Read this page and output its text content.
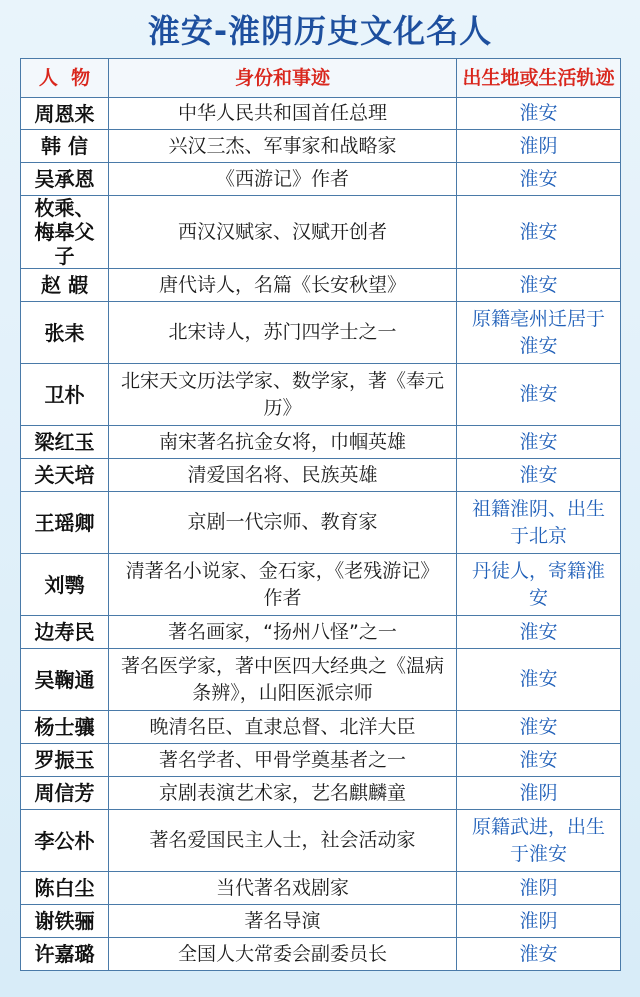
淮安-淮阴历史文化名人
人  物	身份和事迹	出生地或生活轨迹
周恩来	中华人民共和国首任总理	淮安
韩 信	兴汉三杰、军事家和战略家	淮阴
吴承恩	《西游记》作者	淮安
枚乘、梅皋父子	西汉汉赋家、汉赋开创者	淮安
赵 嘏	唐代诗人，名篇《长安秋望》	淮安
张耒	北宋诗人，苏门四学士之一	原籍亳州迁居于淮安
卫朴	北宋天文历法学家、数学家，著《奉元历》	淮安
梁红玉	南宋著名抗金女将，巾帼英雄	淮安
关天培	清爱国名将、民族英雄	淮安
王瑶卿	京剧一代宗师、教育家	祖籍淮阴、出生于北京
刘鹗	清著名小说家、金石家，《老残游记》作者	丹徒人，寄籍淮安
边寿民	著名画家，“扬州八怪”之一	淮安
吴鞠通	著名医学家，著中医四大经典之《温病条辨》，山阳医派宗师	淮安
杨士骧	晚清名臣、直隶总督、北洋大臣	淮安
罗振玉	著名学者、甲骨学奠基者之一	淮安
周信芳	京剧表演艺术家，艺名麒麟童	淮阴
李公朴	著名爱国民主人士，社会活动家	原籍武进，出生于淮安
陈白尘	当代著名戏剧家	淮阴
谢铁骊	著名导演	淮阴
许嘉璐	全国人大常委会副委员长	淮安
